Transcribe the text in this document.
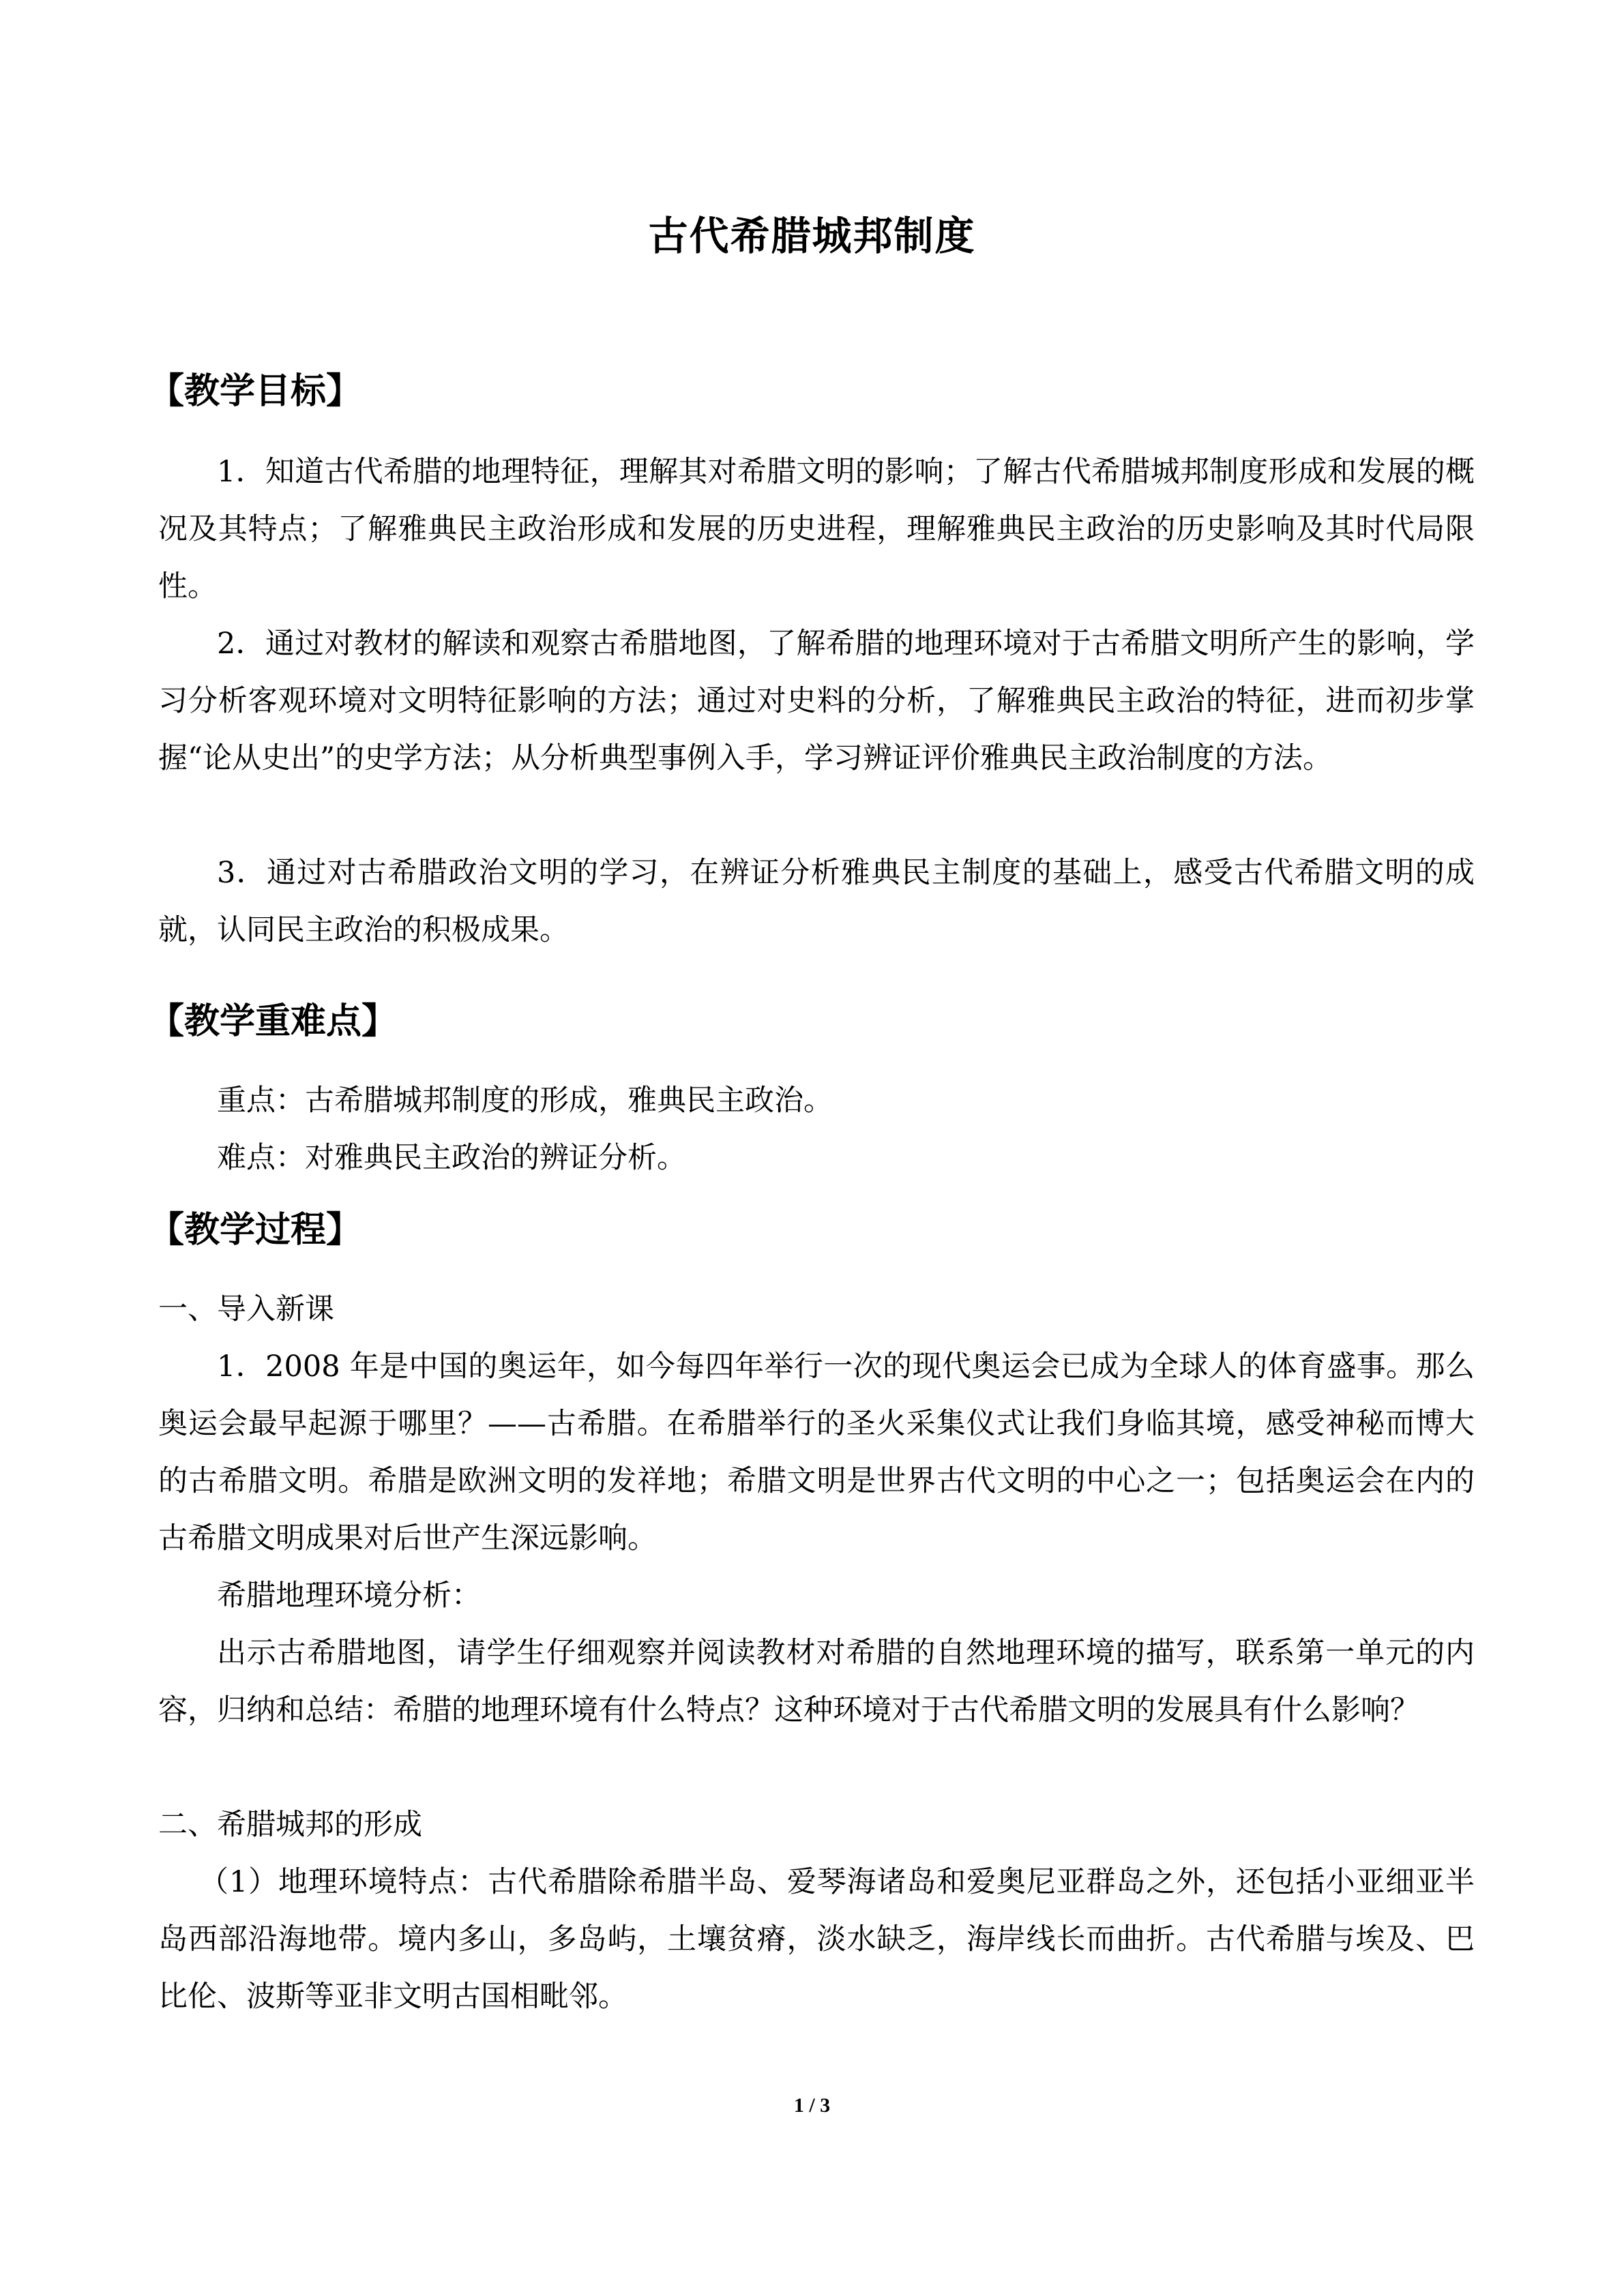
古代希腊城邦制度
【教学目标】
1．知道古代希腊的地理特征，理解其对希腊文明的影响；了解古代希腊城邦制度形成和发展的概况及其特点；了解雅典民主政治形成和发展的历史进程，理解雅典民主政治的历史影响及其时代局限性。
2．通过对教材的解读和观察古希腊地图，了解希腊的地理环境对于古希腊文明所产生的影响，学习分析客观环境对文明特征影响的方法；通过对史料的分析，了解雅典民主政治的特征，进而初步掌握“论从史出”的史学方法；从分析典型事例入手，学习辨证评价雅典民主政治制度的方法。
3．通过对古希腊政治文明的学习，在辨证分析雅典民主制度的基础上，感受古代希腊文明的成就，认同民主政治的积极成果。
【教学重难点】
重点：古希腊城邦制度的形成，雅典民主政治。
难点：对雅典民主政治的辨证分析。
【教学过程】
一、导入新课
1．2008 年是中国的奥运年，如今每四年举行一次的现代奥运会已成为全球人的体育盛事。那么奥运会最早起源于哪里？——古希腊。在希腊举行的圣火采集仪式让我们身临其境，感受神秘而博大的古希腊文明。希腊是欧洲文明的发祥地；希腊文明是世界古代文明的中心之一；包括奥运会在内的古希腊文明成果对后世产生深远影响。
希腊地理环境分析：
出示古希腊地图，请学生仔细观察并阅读教材对希腊的自然地理环境的描写，联系第一单元的内容，归纳和总结：希腊的地理环境有什么特点？这种环境对于古代希腊文明的发展具有什么影响？
二、希腊城邦的形成
（1）地理环境特点：古代希腊除希腊半岛、爱琴海诸岛和爱奥尼亚群岛之外，还包括小亚细亚半岛西部沿海地带。境内多山，多岛屿，土壤贫瘠，淡水缺乏，海岸线长而曲折。古代希腊与埃及、巴比伦、波斯等亚非文明古国相毗邻。
1 / 3
